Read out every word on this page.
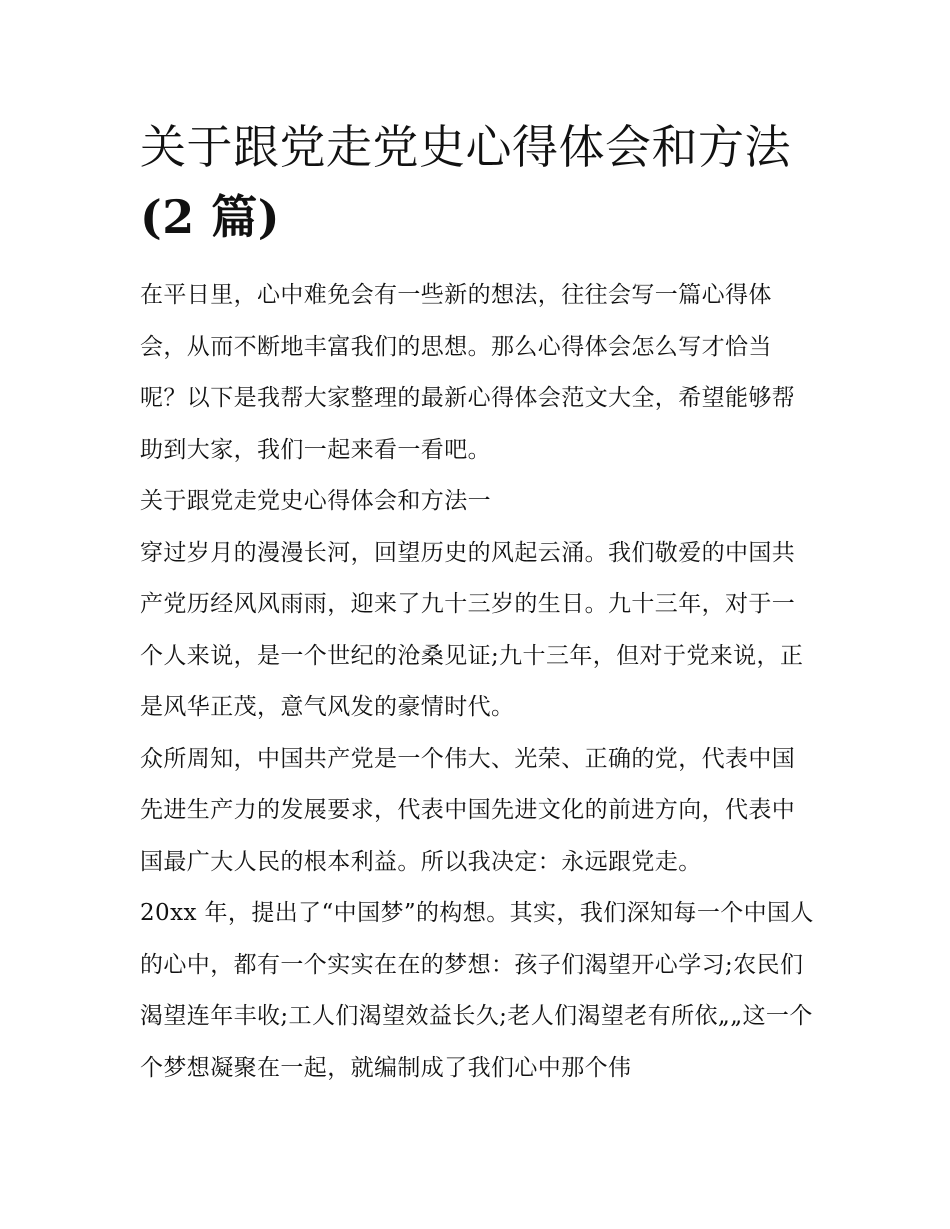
关于跟党走党史心得体会和方法(2 篇)

在平日里，心中难免会有一些新的想法，往往会写一篇心得体会，从而不断地丰富我们的思想。那么心得体会怎么写才恰当呢？以下是我帮大家整理的最新心得体会范文大全，希望能够帮助到大家，我们一起来看一看吧。

关于跟党走党史心得体会和方法一

穿过岁月的漫漫长河，回望历史的风起云涌。我们敬爱的中国共产党历经风风雨雨，迎来了九十三岁的生日。九十三年，对于一个人来说，是一个世纪的沧桑见证;九十三年，但对于党来说，正是风华正茂，意气风发的豪情时代。

众所周知，中国共产党是一个伟大、光荣、正确的党，代表中国先进生产力的发展要求，代表中国先进文化的前进方向，代表中国最广大人民的根本利益。所以我决定：永远跟党走。

20xx 年，提出了“中国梦”的构想。其实，我们深知每一个中国人的心中，都有一个实实在在的梦想：孩子们渴望开心学习;农民们渴望连年丰收;工人们渴望效益长久;老人们渴望老有所依„„这一个个梦想凝聚在一起，就编制成了我们心中那个伟
